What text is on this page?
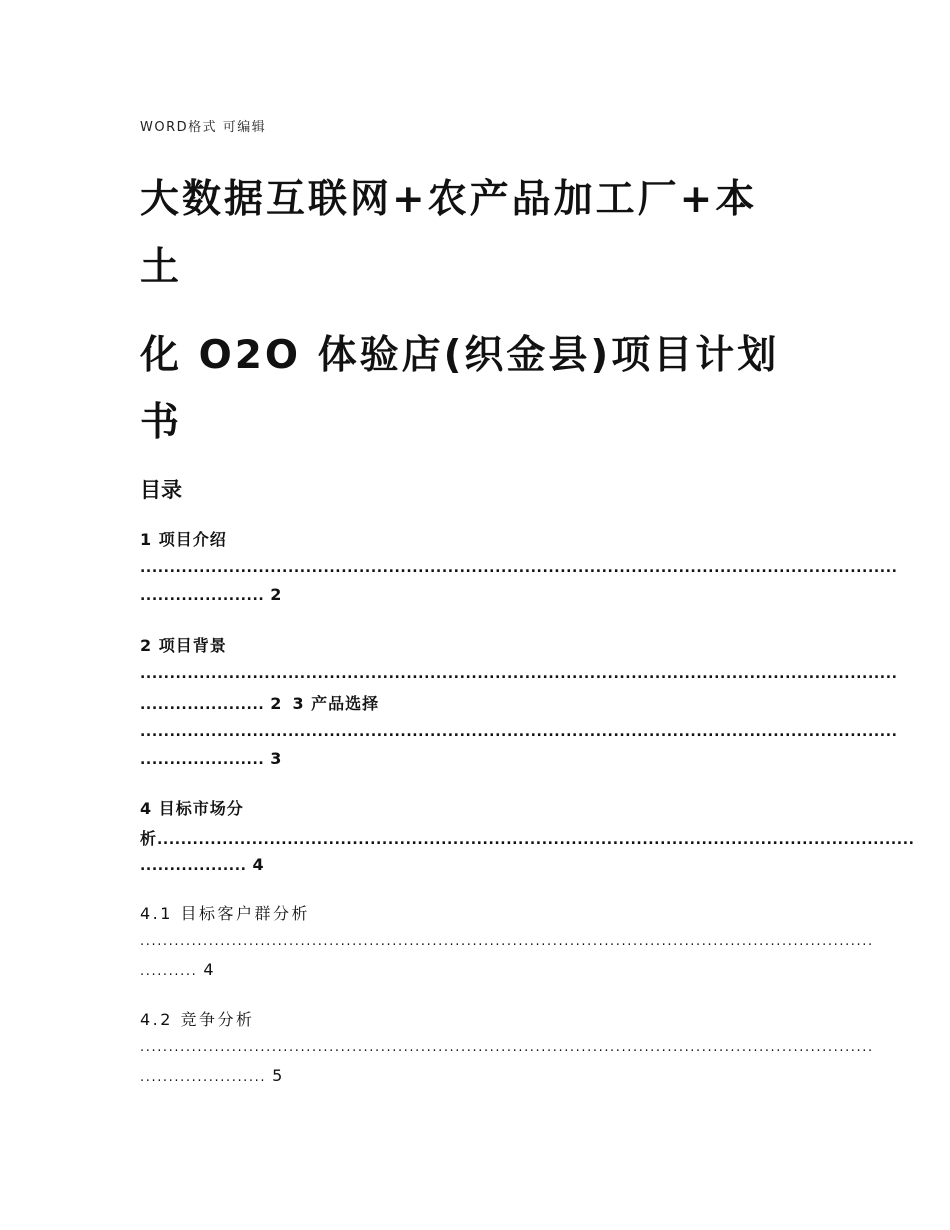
WORD格式 可编辑
大数据互联网+农产品加工厂+本
土
化 O2O 体验店(织金县)项目计划
书
目录
1 项目介绍
................................................................................................................................
..................... 2
2 项目背景
................................................................................................................................
..................... 2 3 产品选择
................................................................................................................................
..................... 3
4 目标市场分
析................................................................................................................................
.................. 4
4.1 目标客户群分析
................................................................................................................................
.......... 4
4.2 竞争分析
................................................................................................................................
...................... 5
